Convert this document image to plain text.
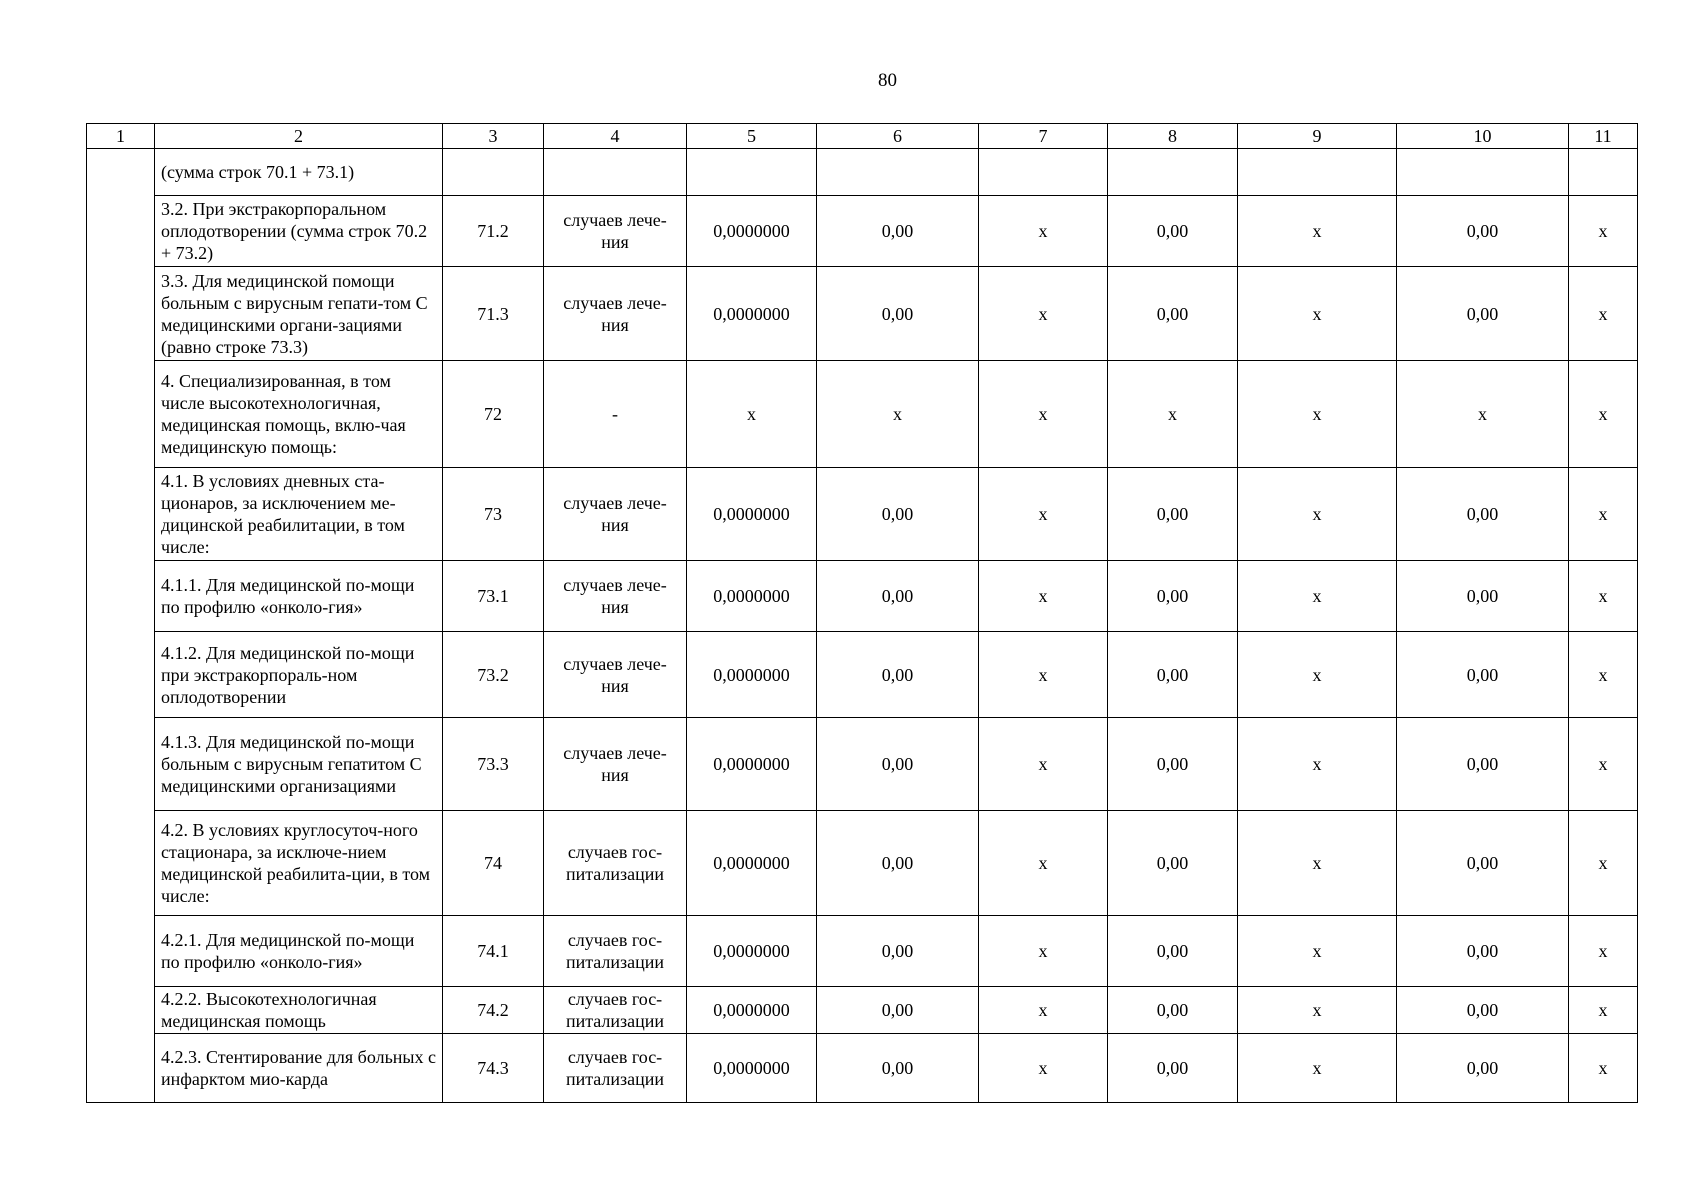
80
1	2	3	4	5	6	7	8	9	10	11
	(сумма строк 70.1 + 73.1)									
	3.2. При экстракорпоральном оплодотворении (сумма строк 70.2 + 73.2)	71.2	случаев лече-ния	0,0000000	0,00	х	0,00	х	0,00	х
	3.3. Для медицинской помощи больным с вирусным гепати-том С медицинскими органи-зациями (равно строке 73.3)	71.3	случаев лече-ния	0,0000000	0,00	х	0,00	х	0,00	х
	4. Специализированная, в том числе высокотехнологичная, медицинская помощь, вклю-чая медицинскую помощь:	72	-	х	х	х	х	х	х	х
	4.1. В условиях дневных ста-ционаров, за исключением ме-дицинской реабилитации, в том числе:	73	случаев лече-ния	0,0000000	0,00	х	0,00	х	0,00	х
	4.1.1. Для медицинской по-мощи по профилю «онколо-гия»	73.1	случаев лече-ния	0,0000000	0,00	х	0,00	х	0,00	х
	4.1.2. Для медицинской по-мощи при экстракорпораль-ном оплодотворении	73.2	случаев лече-ния	0,0000000	0,00	х	0,00	х	0,00	х
	4.1.3. Для медицинской по-мощи больным с вирусным гепатитом С медицинскими организациями	73.3	случаев лече-ния	0,0000000	0,00	х	0,00	х	0,00	х
	4.2. В условиях круглосуточ-ного стационара, за исключе-нием медицинской реабилита-ции, в том числе:	74	случаев гос-питализации	0,0000000	0,00	х	0,00	х	0,00	х
	4.2.1. Для медицинской по-мощи по профилю «онколо-гия»	74.1	случаев гос-питализации	0,0000000	0,00	х	0,00	х	0,00	х
	4.2.2. Высокотехнологичная медицинская помощь	74.2	случаев гос-питализации	0,0000000	0,00	х	0,00	х	0,00	х
	4.2.3. Стентирование для больных с инфарктом мио-карда	74.3	случаев гос-питализации	0,0000000	0,00	х	0,00	х	0,00	х
